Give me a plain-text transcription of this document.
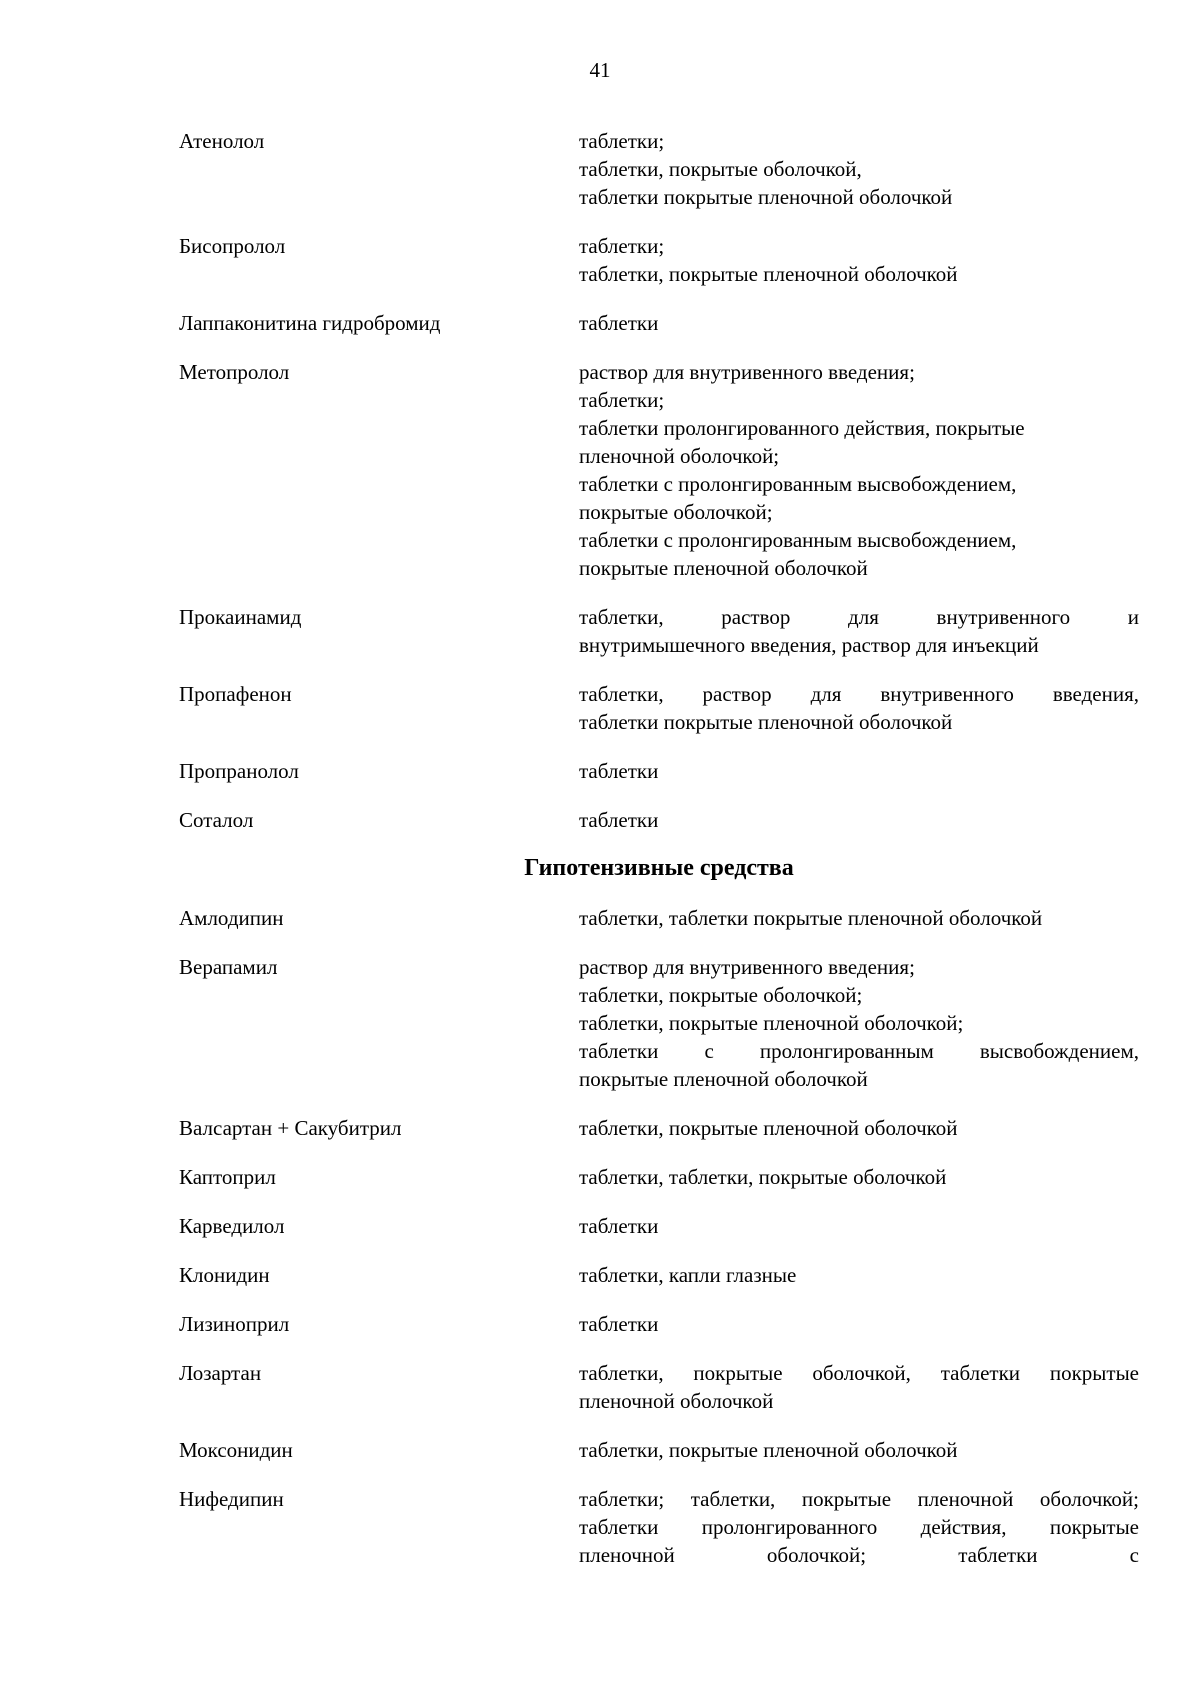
41
Атенолол	таблетки;
таблетки, покрытые оболочкой,
таблетки покрытые пленочной оболочкой
Бисопролол	таблетки;
таблетки, покрытые пленочной оболочкой
Лаппаконитина гидробромид	таблетки
Метопролол	раствор для внутривенного введения;
таблетки;
таблетки пролонгированного действия, покрытые
пленочной оболочкой;
таблетки с пролонгированным высвобождением,
покрытые оболочкой;
таблетки с пролонгированным высвобождением,
покрытые пленочной оболочкой
Прокаинамид	таблетки, раствор для внутривенного и
внутримышечного введения, раствор для инъекций
Пропафенон	таблетки, раствор для внутривенного введения,
таблетки покрытые пленочной оболочкой
Пропранолол	таблетки
Соталол	таблетки
Гипотензивные средства
Амлодипин	таблетки, таблетки покрытые пленочной оболочкой
Верапамил	раствор для внутривенного введения;
таблетки, покрытые оболочкой;
таблетки, покрытые пленочной оболочкой;
таблетки с пролонгированным высвобождением,
покрытые пленочной оболочкой
Валсартан + Сакубитрил	таблетки, покрытые пленочной оболочкой
Каптоприл	таблетки, таблетки, покрытые оболочкой
Карведилол	таблетки
Клонидин	таблетки, капли глазные
Лизиноприл	таблетки
Лозартан	таблетки, покрытые оболочкой, таблетки покрытые
пленочной оболочкой
Моксонидин	таблетки, покрытые пленочной оболочкой
Нифедипин	таблетки; таблетки, покрытые пленочной оболочкой;
таблетки пролонгированного действия, покрытые
пленочной оболочкой; таблетки с
